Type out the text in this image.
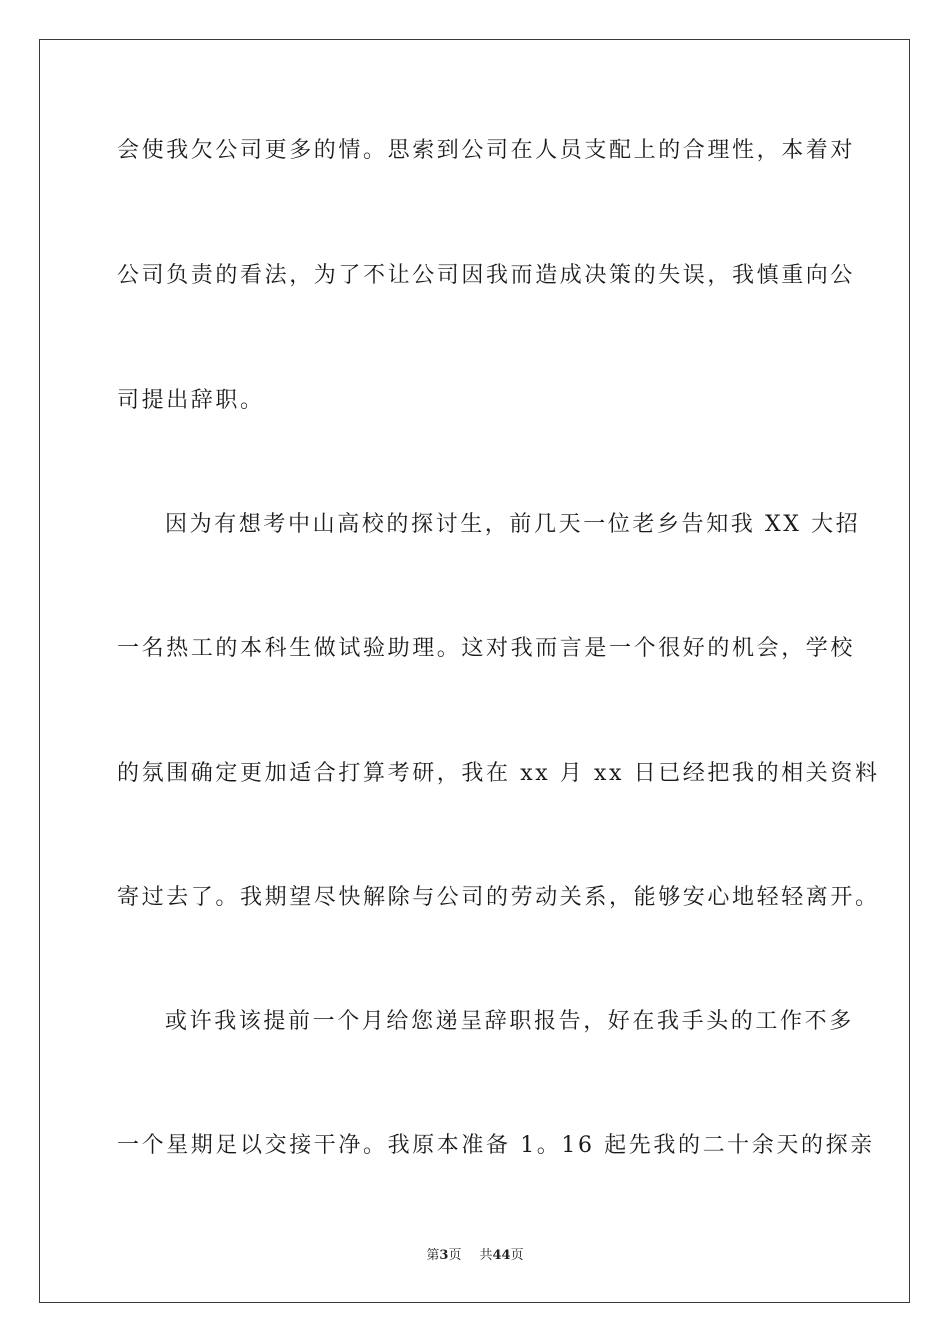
会使我欠公司更多的情。思索到公司在人员支配上的合理性，本着对
公司负责的看法，为了不让公司因我而造成决策的失误，我慎重向公
司提出辞职。
因为有想考中山高校的探讨生，前几天一位老乡告知我 XX 大招
一名热工的本科生做试验助理。这对我而言是一个很好的机会，学校
的氛围确定更加适合打算考研，我在 xx 月 xx 日已经把我的相关资料
寄过去了。我期望尽快解除与公司的劳动关系，能够安心地轻轻离开。
或许我该提前一个月给您递呈辞职报告，好在我手头的工作不多
一个星期足以交接干净。我原本准备 1。16 起先我的二十余天的探亲
第3页 共44页
